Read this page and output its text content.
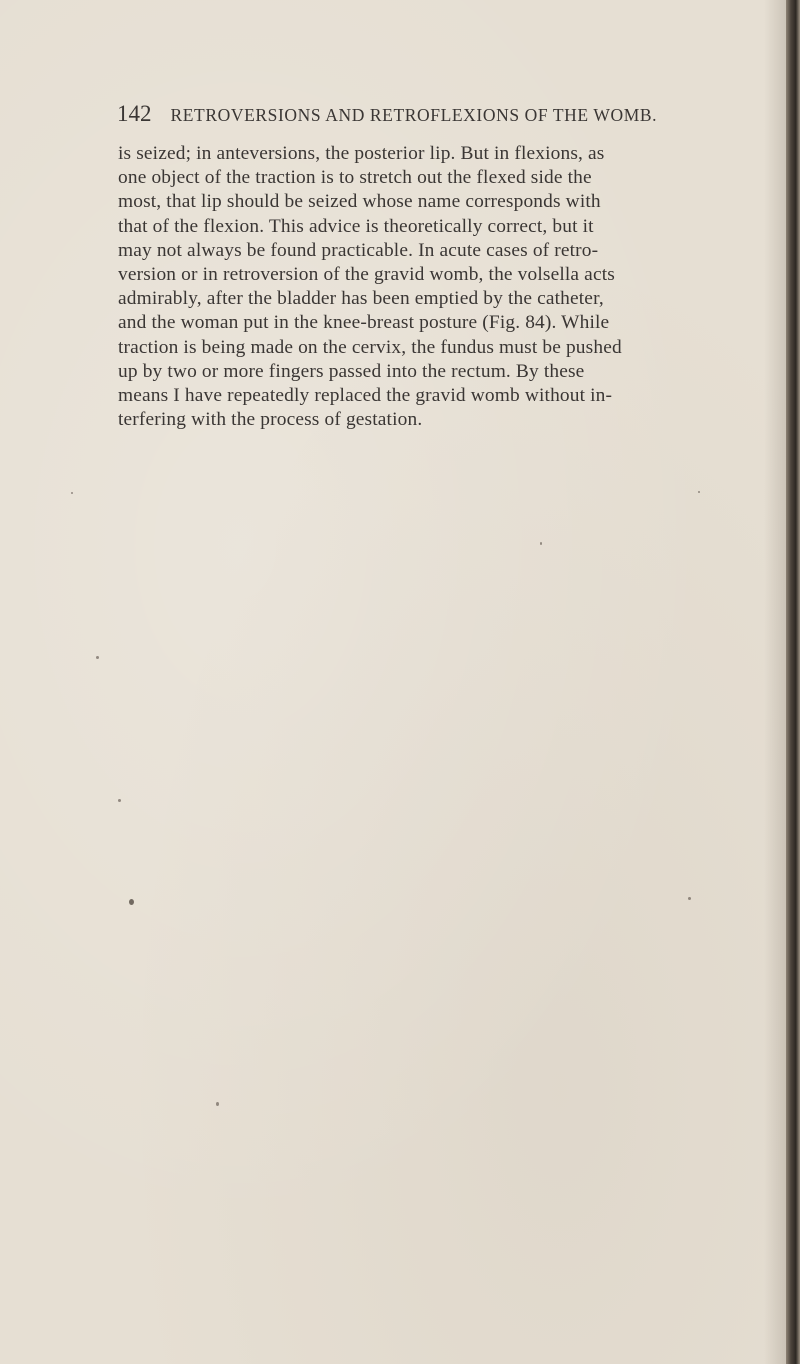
142 RETROVERSIONS AND RETROFLEXIONS OF THE WOMB.

is seized; in anteversions, the posterior lip. But in flexions, as
one object of the traction is to stretch out the flexed side the
most, that lip should be seized whose name corresponds with
that of the flexion. This advice is theoretically correct, but it
may not always be found practicable. In acute cases of retro-
version or in retroversion of the gravid womb, the volsella acts
admirably, after the bladder has been emptied by the catheter,
and the woman put in the knee-breast posture (Fig. 84). While
traction is being made on the cervix, the fundus must be pushed
up by two or more fingers passed into the rectum. By these
means I have repeatedly replaced the gravid womb without in-
terfering with the process of gestation.
